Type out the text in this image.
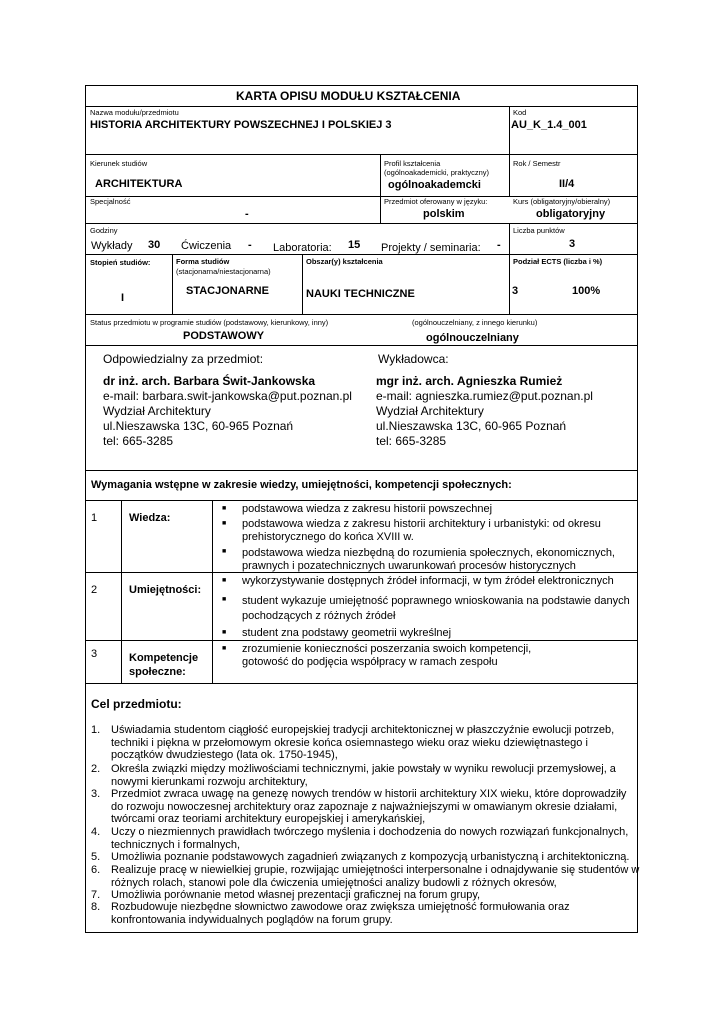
KARTA OPISU MODUŁU KSZTAŁCENIA
Nazwa modułu/przedmiotu
HISTORIA ARCHITEKTURY POWSZECHNEJ I POLSKIEJ 3
Kod
AU_K_1.4_001
Kierunek studiów
ARCHITEKTURA
Profil kształcenia
(ogólnoakademicki, praktyczny)
ogólnoakademcki
Rok / Semestr
II/4
Specjalność
-
Przedmiot oferowany w języku:
polskim
Kurs (obligatoryjny/obieralny)
obligatoryjny
Godziny
Wykłady 30 Ćwiczenia - Laboratoria: 15 Projekty / seminaria: -
Liczba punktów
3
Stopień studiów:
I
Forma studiów
(stacjonarna/niestacjonarna)
STACJONARNE
Obszar(y) kształcenia
NAUKI TECHNICZNE
Podział ECTS (liczba i %)
3	100%
Status przedmiotu w programie studiów (podstawowy, kierunkowy, inny)
PODSTAWOWY
(ogólnouczelniany, z innego kierunku)
ogólnouczelniany
Odpowiedzialny za przedmiot:
dr inż. arch. Barbara Świt-Jankowska
e-mail: barbara.swit-jankowska@put.poznan.pl
Wydział Architektury
ul.Nieszawska 13C, 60-965 Poznań
tel: 665-3285
Wykładowca:
mgr inż. arch. Agnieszka Rumież
e-mail: agnieszka.rumiez@put.poznan.pl
Wydział Architektury
ul.Nieszawska 13C, 60-965 Poznań
tel: 665-3285
Wymagania wstępne w zakresie wiedzy, umiejętności, kompetencji społecznych:
1	Wiedza:
■ podstawowa wiedza z zakresu historii powszechnej
■ podstawowa wiedza z zakresu historii architektury i urbanistyki: od okresu prehistorycznego do końca XVIII w.
■ podstawowa wiedza niezbędną do rozumienia społecznych, ekonomicznych, prawnych i pozatechnicznych uwarunkowań procesów historycznych
2	Umiejętności:
■ wykorzystywanie dostępnych źródeł informacji, w tym źródeł elektronicznych
■ student wykazuje umiejętność poprawnego wnioskowania na podstawie danych pochodzących z różnych źródeł
■ student zna podstawy geometrii wykreślnej
3	Kompetencje społeczne:
■ zrozumienie konieczności poszerzania swoich kompetencji, gotowość do podjęcia współpracy w ramach zespołu
Cel przedmiotu:
1. Uświadamia studentom ciągłość europejskiej tradycji architektonicznej w płaszczyźnie ewolucji potrzeb, techniki i piękna w przełomowym okresie końca osiemnastego wieku oraz wieku dziewiętnastego i początków dwudziestego (lata ok. 1750-1945),
2. Określa związki między możliwościami technicznymi, jakie powstały w wyniku rewolucji przemysłowej, a nowymi kierunkami rozwoju architektury,
3. Przedmiot zwraca uwagę na genezę nowych trendów w historii architektury XIX wieku, które doprowadziły do rozwoju nowoczesnej architektury oraz zapoznaje z najważniejszymi w omawianym okresie działami, twórcami oraz teoriami architektury europejskiej i amerykańskiej,
4. Uczy o niezmiennych prawidłach twórczego myślenia i dochodzenia do nowych rozwiązań funkcjonalnych, technicznych i formalnych,
5. Umożliwia poznanie podstawowych zagadnień związanych z kompozycją urbanistyczną i architektoniczną.
6. Realizuje pracę w niewielkiej grupie, rozwijając umiejętności interpersonalne i odnajdywanie się studentów w różnych rolach, stanowi pole dla ćwiczenia umiejętności analizy budowli z różnych okresów,
7. Umożliwia porównanie metod własnej prezentacji graficznej na forum grupy,
8. Rozbudowuje niezbędne słownictwo zawodowe oraz zwiększa umiejętność formułowania oraz konfrontowania indywidualnych poglądów na forum grupy.
